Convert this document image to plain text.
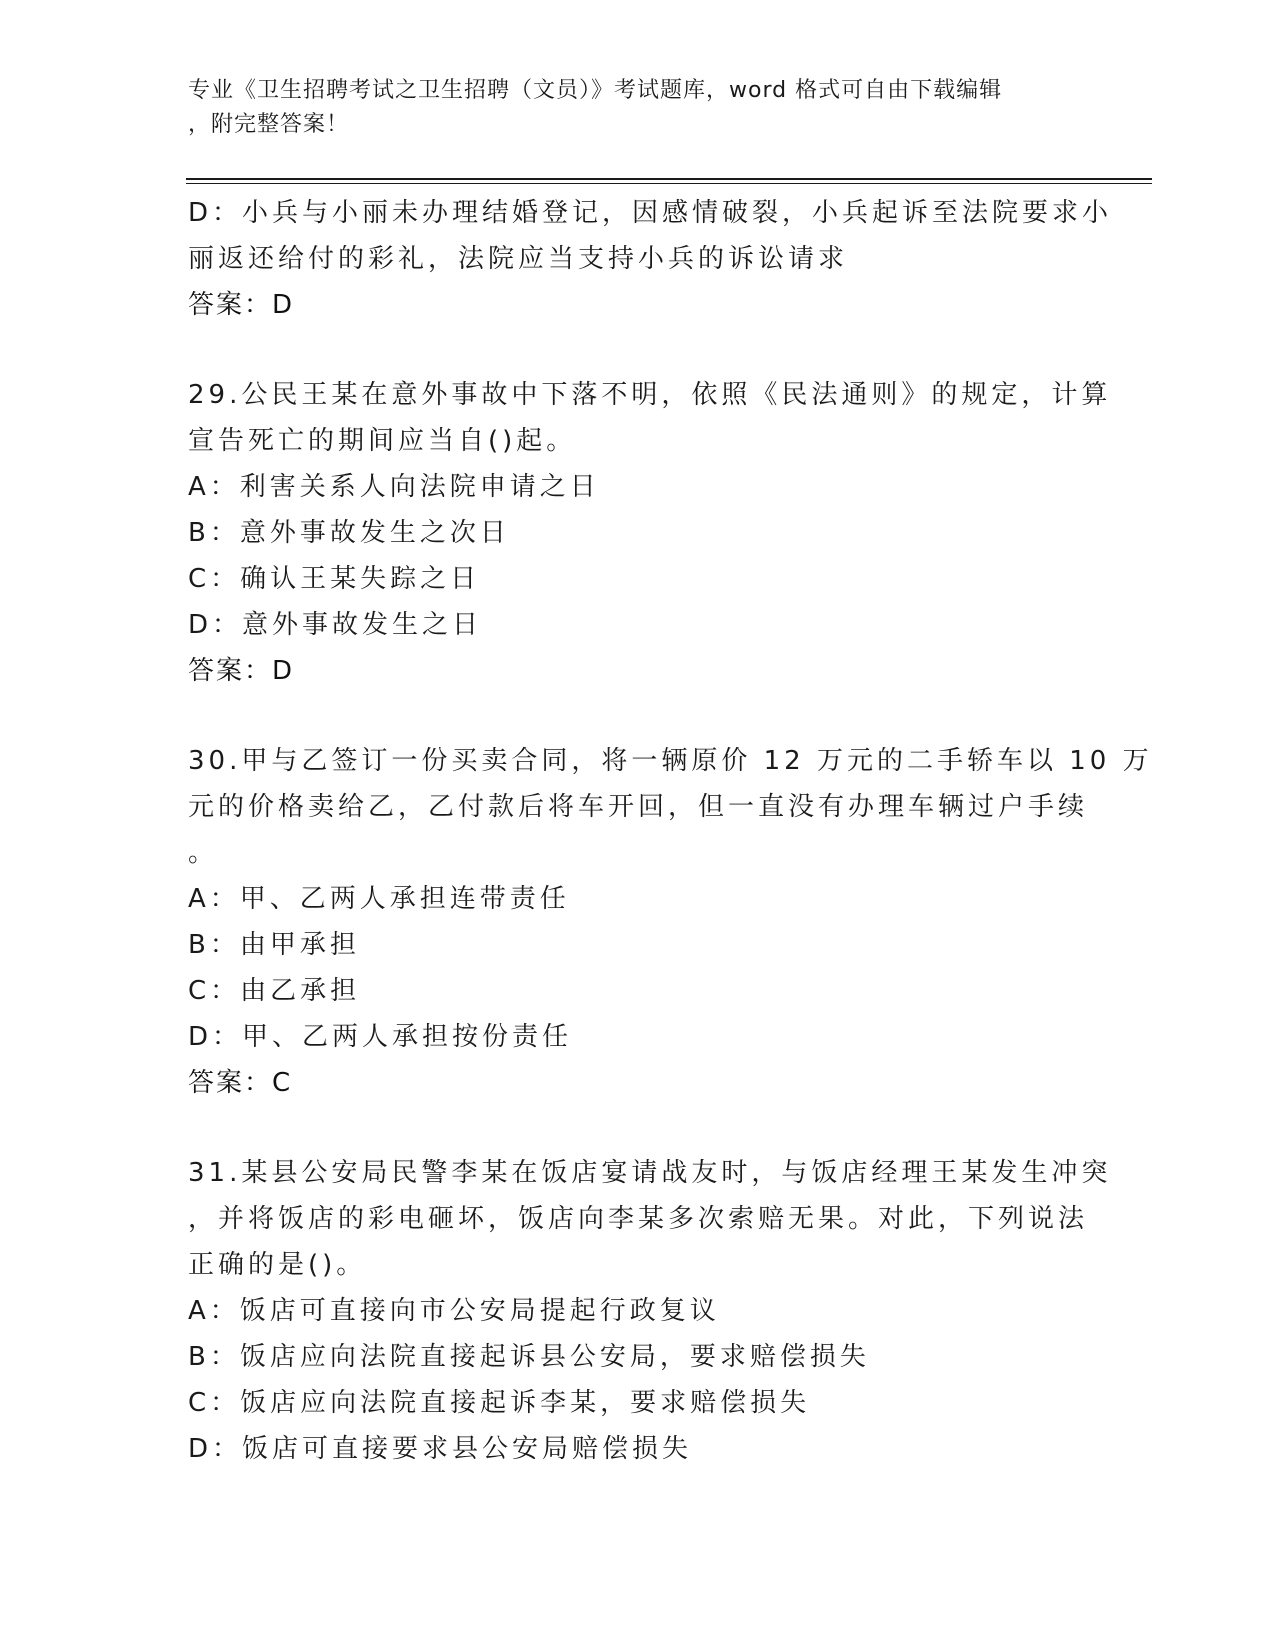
专业《卫生招聘考试之卫生招聘（文员）》考试题库，word 格式可自由下载编辑
，附完整答案！
D：小兵与小丽未办理结婚登记，因感情破裂，小兵起诉至法院要求小
丽返还给付的彩礼，法院应当支持小兵的诉讼请求
答案：D
29.公民王某在意外事故中下落不明，依照《民法通则》的规定，计算
宣告死亡的期间应当自()起。
A：利害关系人向法院申请之日
B：意外事故发生之次日
C：确认王某失踪之日
D：意外事故发生之日
答案：D
30.甲与乙签订一份买卖合同，将一辆原价 12 万元的二手轿车以 10 万
元的价格卖给乙，乙付款后将车开回，但一直没有办理车辆过户手续
。
A：甲、乙两人承担连带责任
B：由甲承担
C：由乙承担
D：甲、乙两人承担按份责任
答案：C
31.某县公安局民警李某在饭店宴请战友时，与饭店经理王某发生冲突
，并将饭店的彩电砸坏，饭店向李某多次索赔无果。对此，下列说法
正确的是()。
A：饭店可直接向市公安局提起行政复议
B：饭店应向法院直接起诉县公安局，要求赔偿损失
C：饭店应向法院直接起诉李某，要求赔偿损失
D：饭店可直接要求县公安局赔偿损失
